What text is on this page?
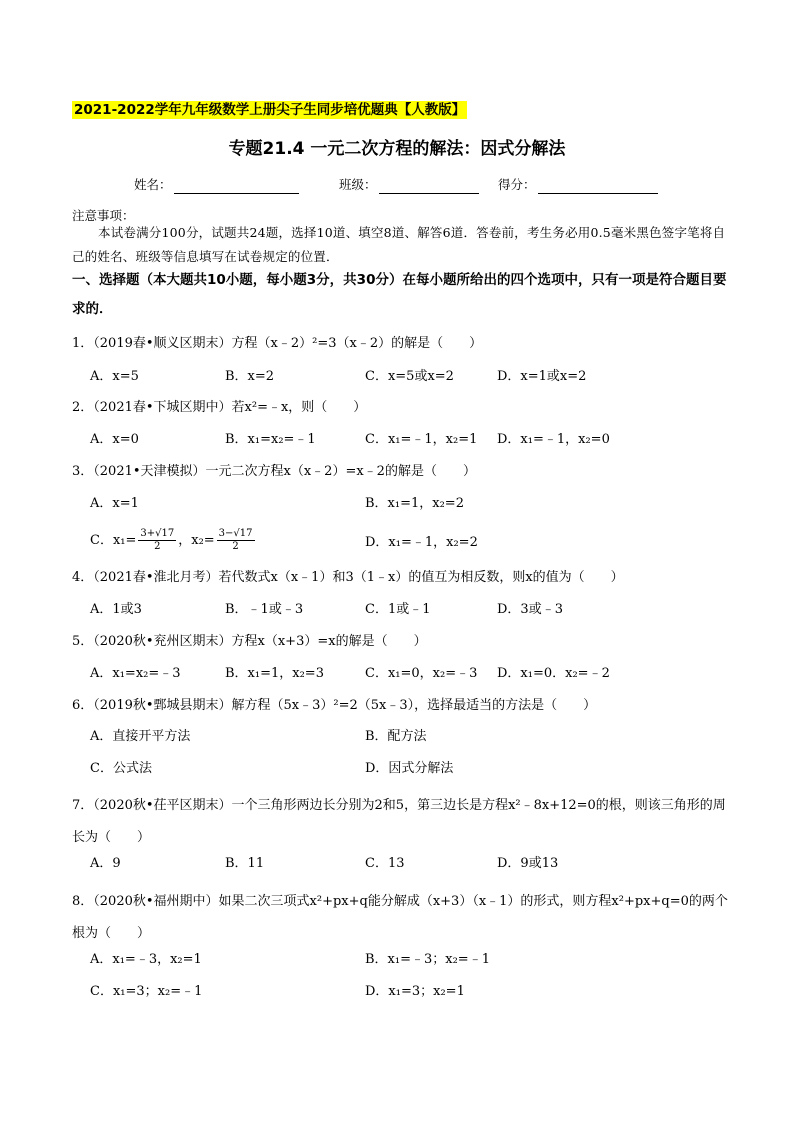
2021-2022学年九年级数学上册尖子生同步培优题典【人教版】
专题21.4 一元二次方程的解法：因式分解法
姓名：	班级：	得分：
注意事项：
本试卷满分100分，试题共24题，选择10道、填空8道、解答6道．答卷前，考生务必用0.5毫米黑色签字笔将自己的姓名、班级等信息填写在试卷规定的位置．
一、选择题（本大题共10小题，每小题3分，共30分）在每小题所给出的四个选项中，只有一项是符合题目要求的．
1．（2019春•顺义区期末）方程（x﹣2）²=3（x﹣2）的解是（　　）
A．x=5	B．x=2	C．x=5或x=2	D．x=1或x=2
2．（2021春•下城区期中）若x²=﹣x，则（　　）
A．x=0	B．x₁=x₂=﹣1	C．x₁=﹣1，x₂=1 D．x₁=﹣1，x₂=0
3．（2021•天津模拟）一元二次方程x（x﹣2）=x﹣2的解是（　　）
A．x=1	B．x₁=1，x₂=2
C．$x_1= \frac{3+√17}{2}$ ，$x_2= \frac{3-√17}{2}$	D．x₁=﹣1，x₂=2
4．（2021春•淮北月考）若代数式x（x﹣1）和3（1﹣x）的值互为相反数，则x的值为（　　）
A．1或3	B．﹣1或﹣3	C．1或﹣1	D．3或﹣3
5．（2020秋•兖州区期末）方程x（x+3）=x的解是（　　）
A．x₁=x₂=﹣3	B．x₁=1，x₂=3	C．x₁=0，x₂=﹣3 D．x₁=0．x₂=﹣2
6．（2019秋•鄄城县期末）解方程（5x﹣3）²=2（5x﹣3），选择最适当的方法是（　　）
A．直接开平方法	B．配方法
C．公式法	D．因式分解法
7．（2020秋•茌平区期末）一个三角形两边长分别为2和5，第三边长是方程x²﹣8x+12=0的根，则该三角形的周长为（　　）
A．9	B．11	C．13	D．9或13
8．（2020秋•福州期中）如果二次三项式x²+px+q能分解成（x+3）（x﹣1）的形式，则方程x²+px+q=0的两个根为（　　）
A．x₁=﹣3，x₂=1	B．x₁=﹣3；x₂=﹣1
C．x₁=3；x₂=﹣1	D．x₁=3；x₂=1
